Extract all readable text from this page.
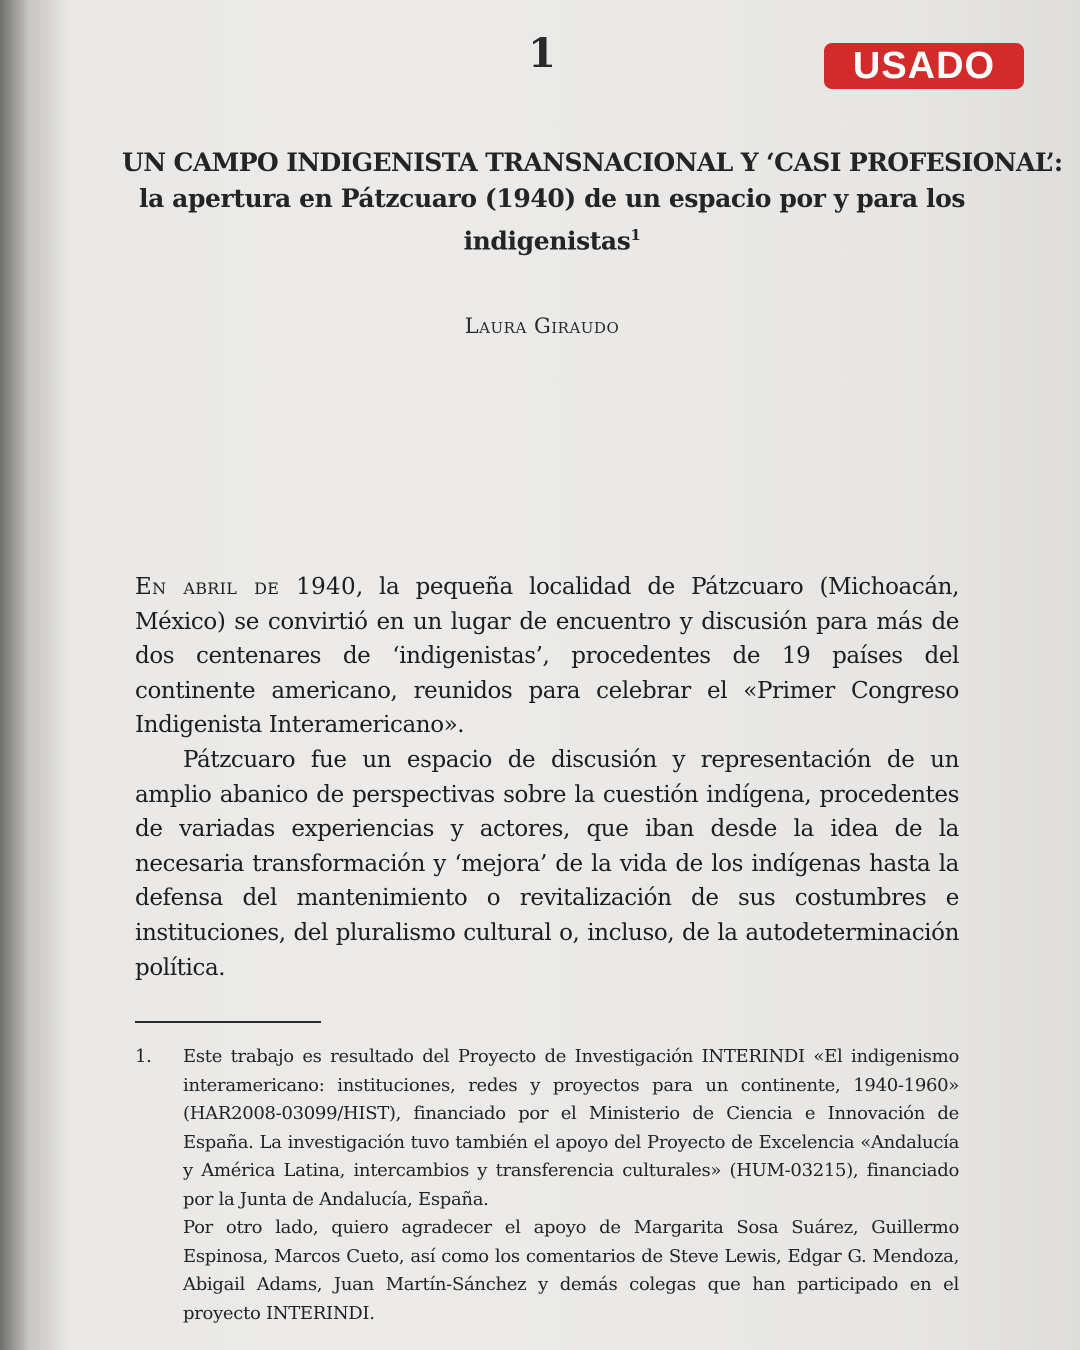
1	USADO
UN CAMPO INDIGENISTA TRANSNACIONAL Y ‘CASI PROFESIONAL’:
la apertura en Pátzcuaro (1940) de un espacio por y para los indigenistas$^1$
Laura Giraudo

En abril de 1940, la pequeña localidad de Pátzcuaro (Michoacán, México) se convirtió en un lugar de encuentro y discusión para más de dos centenares de ‘indigenistas’, procedentes de 19 países del continente americano, reunidos para celebrar el «Primer Congreso Indigenista Interamericano».

Pátzcuaro fue un espacio de discusión y representación de un amplio abanico de perspectivas sobre la cuestión indígena, procedentes de variadas experiencias y actores, que iban desde la idea de la necesaria transformación y ‘mejora’ de la vida de los indígenas hasta la defensa del mantenimiento o revitalización de sus costumbres e instituciones, del pluralismo cultural o, incluso, de la autodeterminación política.

1.	Este trabajo es resultado del Proyecto de Investigación INTERINDI «El indigenismo interamericano: instituciones, redes y proyectos para un continente, 1940-1960» (HAR2008-03099/HIST), financiado por el Ministerio de Ciencia e Innovación de España. La investigación tuvo también el apoyo del Proyecto de Excelencia «Andalucía y América Latina, intercambios y transferencia culturales» (HUM-03215), financiado por la Junta de Andalucía, España.

Por otro lado, quiero agradecer el apoyo de Margarita Sosa Suárez, Guillermo Espinosa, Marcos Cueto, así como los comentarios de Steve Lewis, Edgar G. Mendoza, Abigail Adams, Juan Martín-Sánchez y demás colegas que han participado en el proyecto INTERINDI.
